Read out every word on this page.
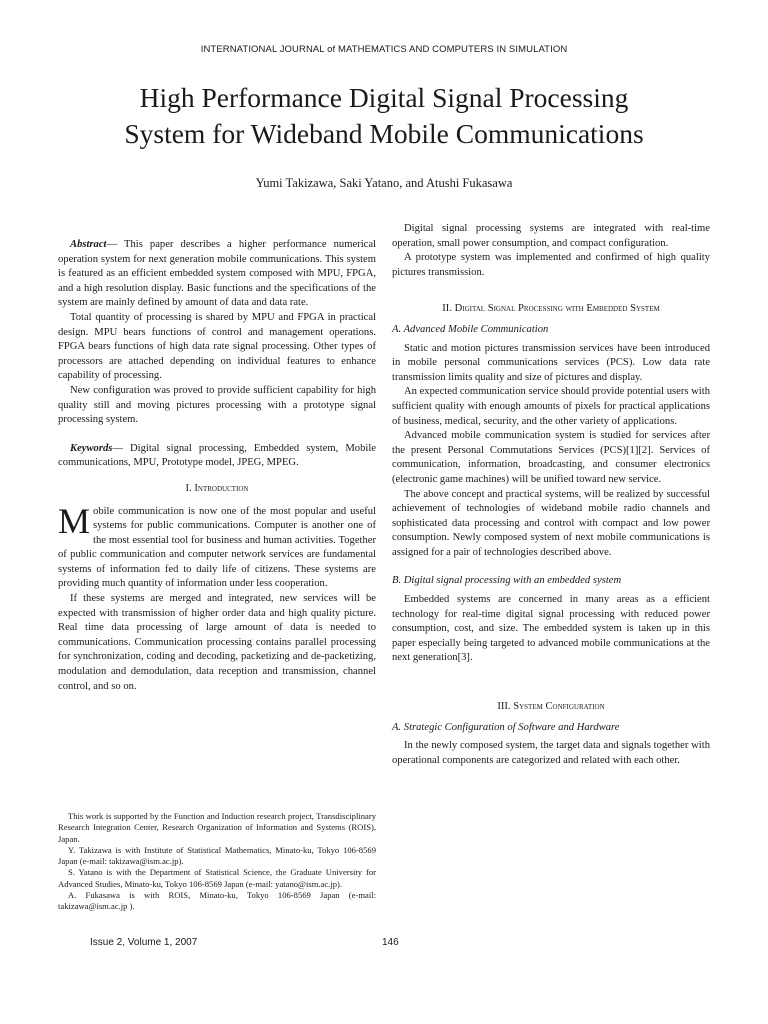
INTERNATIONAL JOURNAL of MATHEMATICS AND COMPUTERS IN SIMULATION
High Performance Digital Signal Processing
System for Wideband Mobile Communications
Yumi Takizawa, Saki Yatano, and Atushi Fukasawa

Abstract— This paper describes a higher performance numerical operation system for next generation mobile communications. This system is featured as an efficient embedded system composed with MPU, FPGA, and a high resolution display. Basic functions and the specifications of the system are mainly defined by amount of data and data rate.

Total quantity of processing is shared by MPU and FPGA in practical design. MPU bears functions of control and management operations. FPGA bears functions of high data rate signal processing. Other types of processors are attached depending on individual features to enhance capability of processing.

New configuration was proved to provide sufficient capability for high quality still and moving pictures processing with a prototype signal processing system.

Keywords— Digital signal processing, Embedded system, Mobile communications, MPU, Prototype model, JPEG, MPEG.

I. Introduction

Mobile communication is now one of the most popular and useful systems for public communications. Computer is another one of the most essential tool for business and human activities. Together of public communication and computer network services are fundamental systems of information fed to daily life of citizens. These systems are providing much quantity of information under less cooperation.

If these systems are merged and integrated, new services will be expected with transmission of higher order data and high quality picture. Real time data processing of large amount of data is needed to communications. Communication processing contains parallel processing for synchronization, coding and decoding, packetizing and de-packetizing, modulation and demodulation, data reception and transmission, channel control, and so on.

This work is supported by the Function and Induction research project, Transdisciplinary Research Integration Center, Research Organization of Information and Systems (ROIS), Japan.

Y. Takizawa is with Institute of Statistical Mathematics, Minato-ku, Tokyo 106-8569 Japan (e-mail: takizawa@ism.ac.jp).

S. Yatano is with the Department of Statistical Science, the Graduate University for Advanced Studies, Minato-ku, Tokyo 106-8569 Japan (e-mail: yatano@ism.ac.jp).

A. Fukasawa is with ROIS, Minato-ku, Tokyo 106-8569 Japan (e-mail: takizawa@ism.ac.jp ).

Digital signal processing systems are integrated with real-time operation, small power consumption, and compact configuration.

A prototype system was implemented and confirmed of high quality pictures transmission.

II. Digital Signal Processing with Embedded System

A. Advanced Mobile Communication

Static and motion pictures transmission services have been introduced in mobile personal communications services (PCS). Low data rate transmission limits quality and size of pictures and display.

An expected communication service should provide potential users with sufficient quality with enough amounts of pixels for practical applications of business, medical, security, and the other variety of applications.

Advanced mobile communication system is studied for services after the present Personal Commutations Services (PCS)[1][2]. Services of communication, information, broadcasting, and consumer electronics (electronic game machines) will be unified toward new service.

The above concept and practical systems, will be realized by successful achievement of technologies of wideband mobile radio channels and sophisticated data processing and control with compact and low power consumption. Newly composed system of next mobile communications is assigned for a pair of technologies described above.

B. Digital signal processing with an embedded system

Embedded systems are concerned in many areas as a efficient technology for real-time digital signal processing with reduced power consumption, cost, and size. The embedded system is taken up in this paper especially being targeted to advanced mobile communications at the next generation[3].

III. System Configuration

A. Strategic Configuration of Software and Hardware

In the newly composed system, the target data and signals together with operational components are categorized and related with each other.

Issue 2, Volume 1, 2007	146
